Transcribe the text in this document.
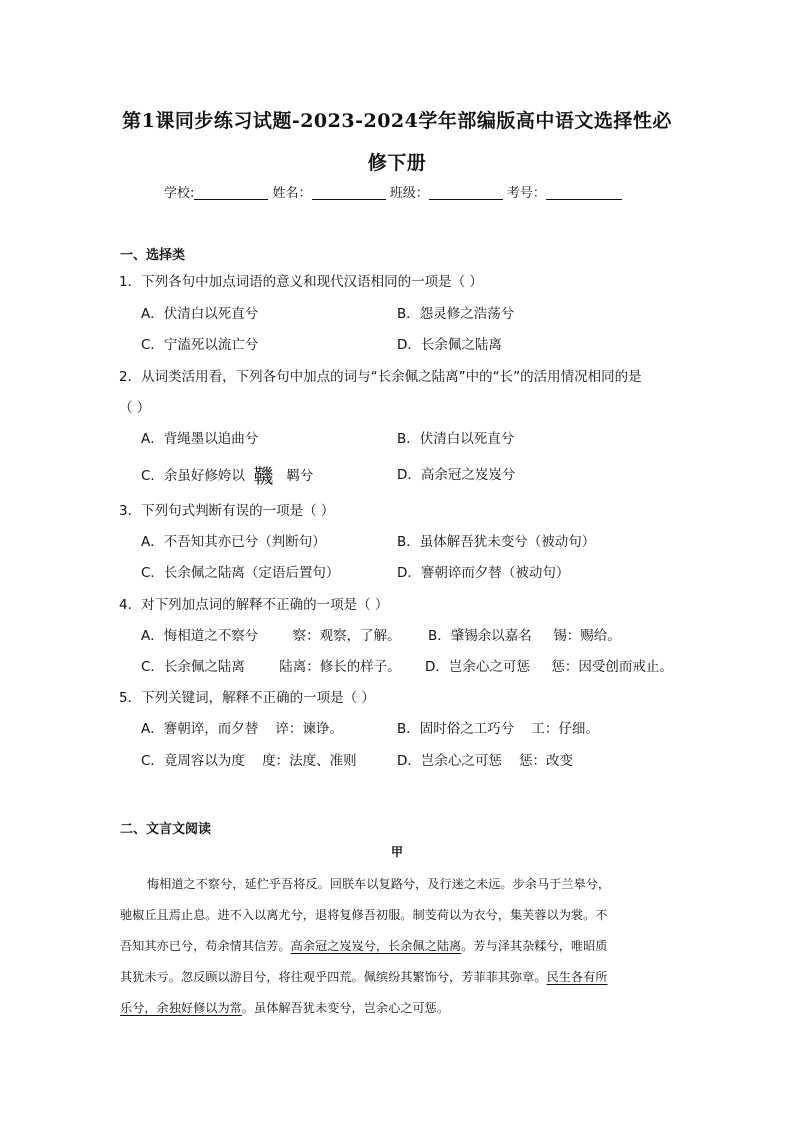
第1课同步练习试题-2023-2024学年部编版高中语文选择性必
修下册
学校:	姓名：	班级：	考号：
一、选择类
1．下列各句中加点词语的意义和现代汉语相同的一项是（ ）
A．伏清白以死直兮	B．怨灵修之浩荡兮
C．宁溘死以流亡兮	D．长余佩之陆离
2．从词类活用看，下列各句中加点的词与“长余佩之陆离”中的“长”的活用情况相同的是
（ ）
A．背绳墨以追曲兮	B．伏清白以死直兮
C．余虽好修姱以 鞿 羁兮	D．高余冠之岌岌兮
3．下列句式判断有误的一项是（ ）
A．不吾知其亦已兮（判断句）	B．虽体解吾犹未变兮（被动句）
C．长余佩之陆离（定语后置句）	D．謇朝谇而夕替（被动句）
4．对下列加点词的解释不正确的一项是（ ）
A．悔相道之不察兮        察：观察，了解。 B．肇锡余以嘉名     锡：赐给。
C．长余佩之陆离        陆离：修长的样子。 D．岂余心之可惩     惩：因受创而戒止。
5．下列关键词，解释不正确的一项是（ ）
A．謇朝谇，而夕替    谇：谏诤。	B．固时俗之工巧兮    工：仔细。
C．竟周容以为度    度：法度、准则	D．岂余心之可惩    惩：改变
二、文言文阅读
甲
悔相道之不察兮，延伫乎吾将反。回朕车以复路兮，及行迷之未远。步余马于兰皋兮，
驰椒丘且焉止息。进不入以离尤兮，退将复修吾初服。制芰荷以为衣兮，集芙蓉以为裳。不
吾知其亦已兮，苟余情其信芳。高余冠之岌岌兮，长余佩之陆离。芳与泽其杂糅兮，唯昭质
其犹未亏。忽反顾以游目兮，将往观乎四荒。佩缤纷其繁饰兮，芳菲菲其弥章。民生各有所
乐兮，余独好修以为常。虽体解吾犹未变兮，岂余心之可惩。
